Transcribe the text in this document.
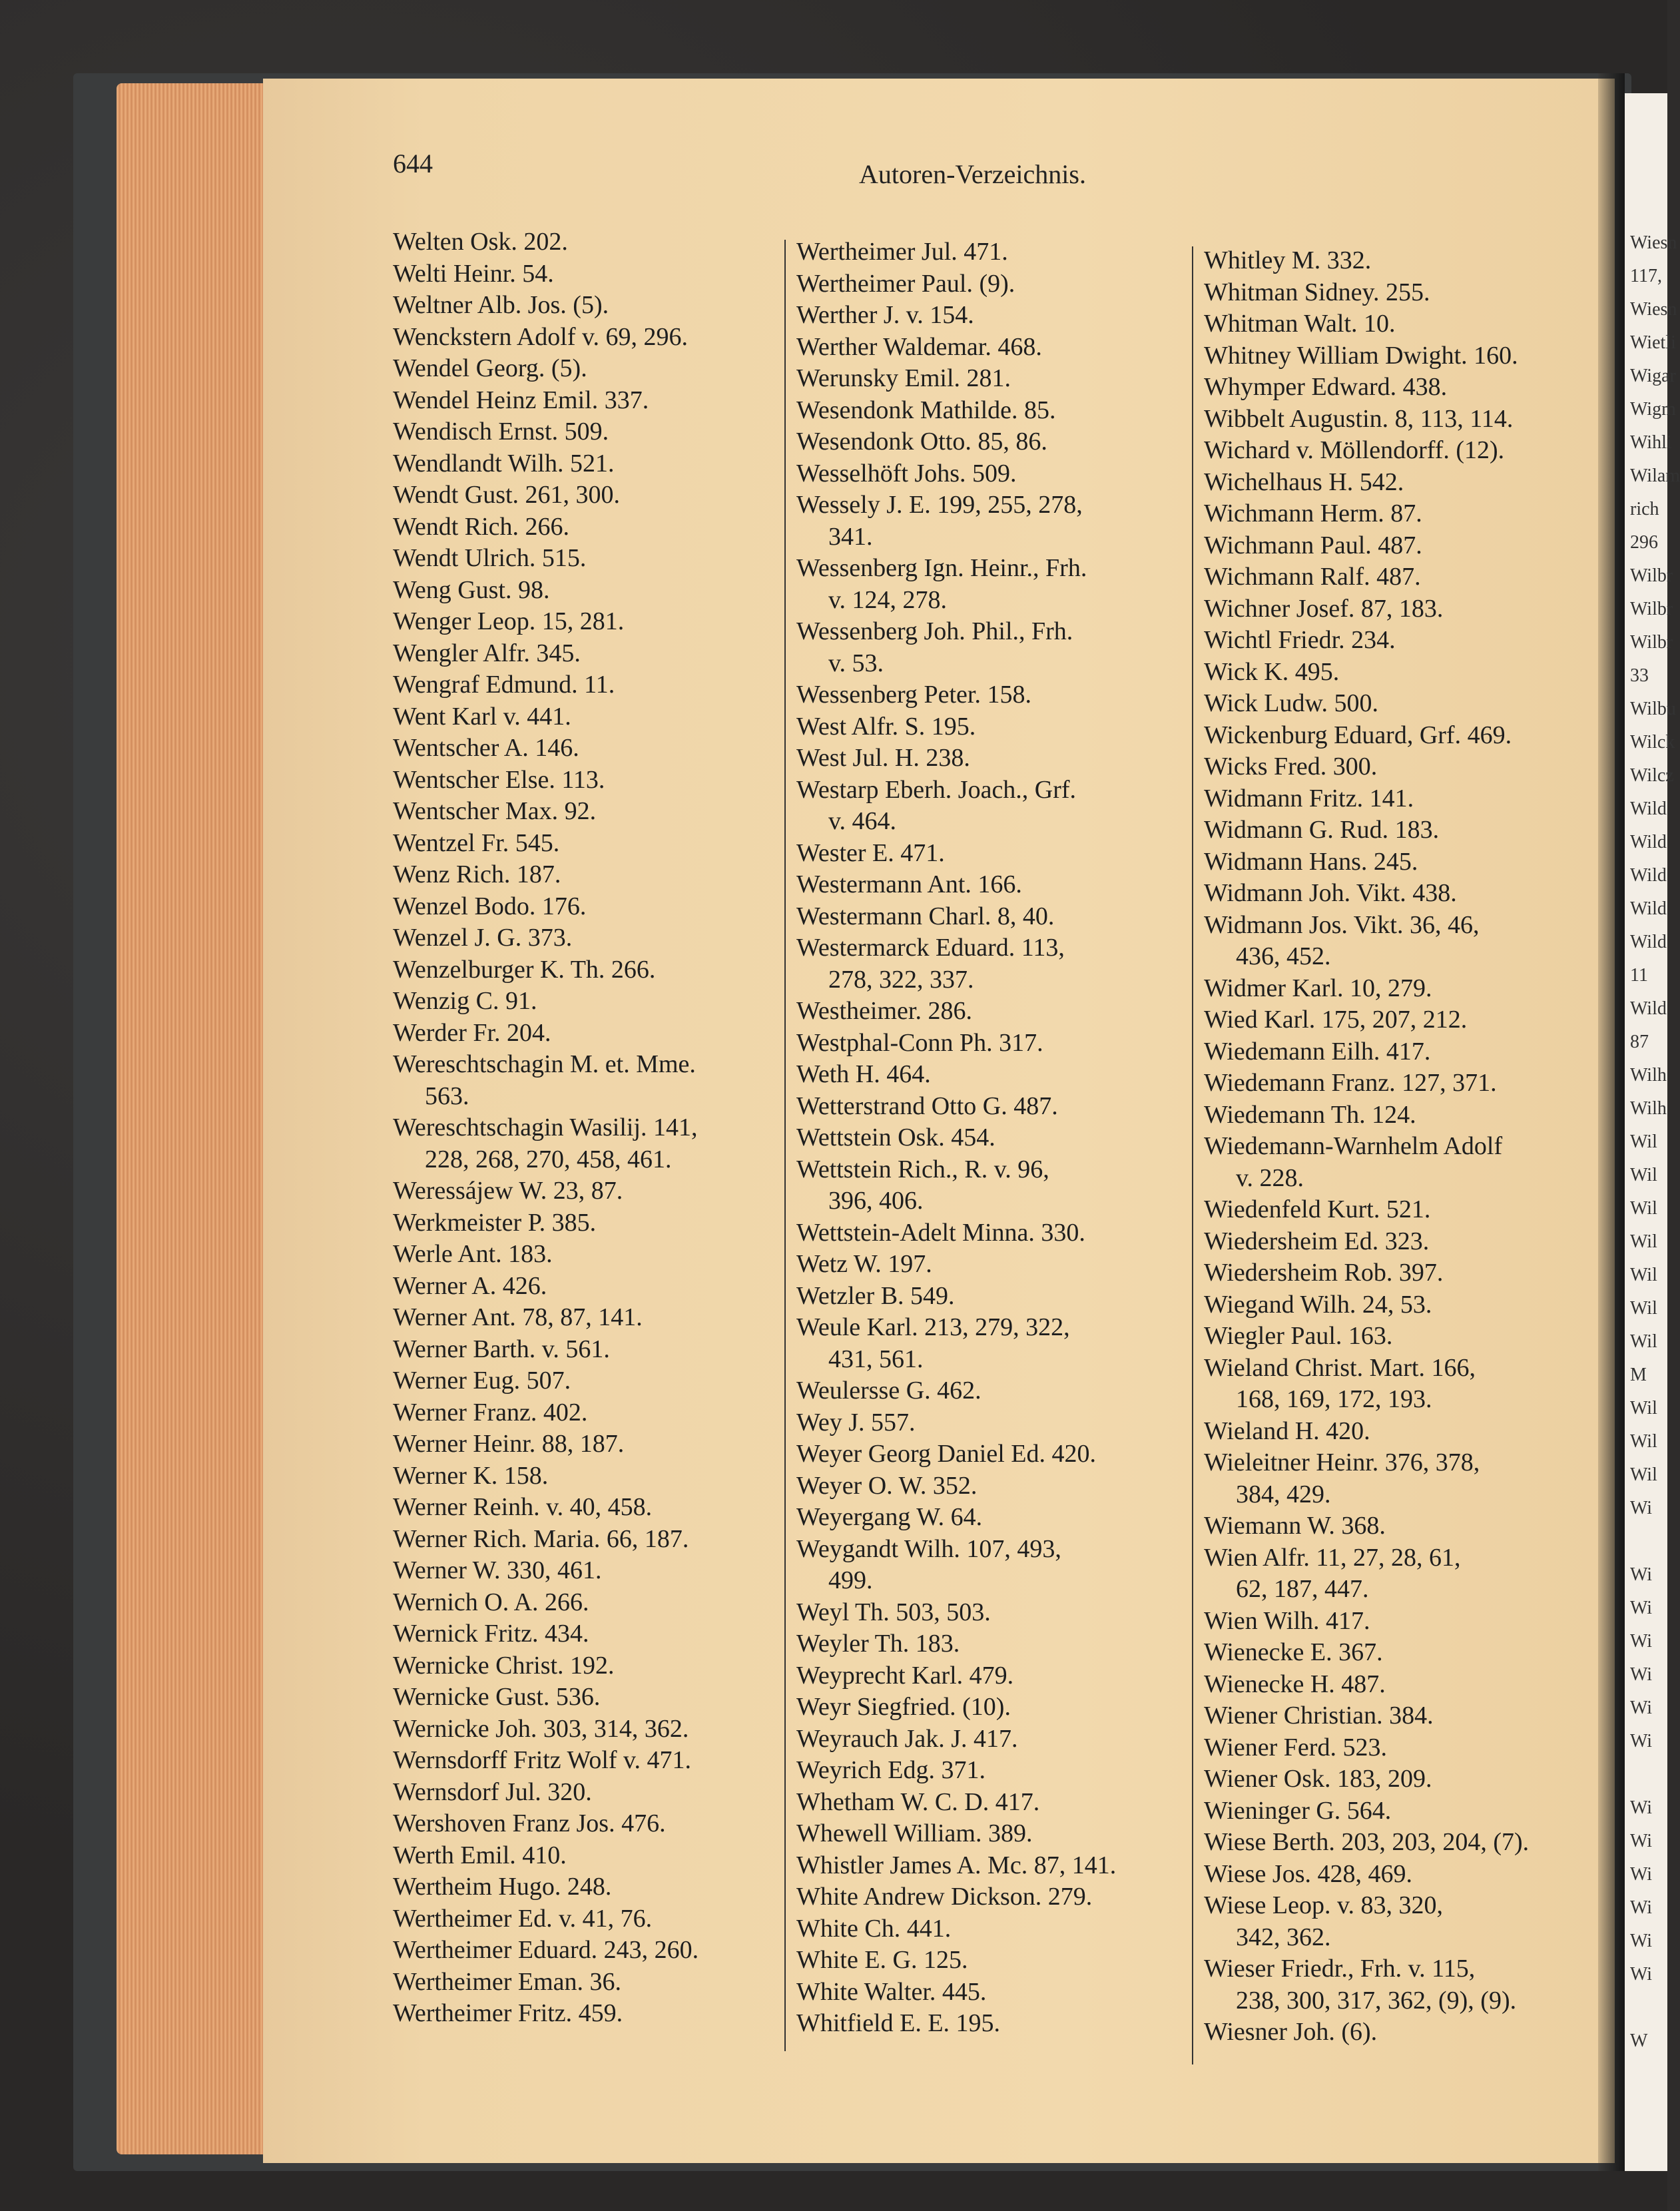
Wiesn
117,
Wiesn
Wietli
Wigar
Wigm
Wihli
Wilam
rich
296
Wilbr
Wilbr
Wilbr
33
Wilbu
Wilck
Wilcz
Wild
Wild
Wild
Wild
Wild
11
Wild
87
Wilh
Wilh
Wil
Wil
Wil
Wil
Wil
Wil
Wil
M
Wil
Wil
Wil
Wi
Wi
Wi
Wi
Wi
Wi
Wi
Wi
Wi
Wi
Wi
Wi
Wi
W
644	Autoren-Verzeichnis.
Welten Osk. 202.
Welti Heinr. 54.
Weltner Alb. Jos. (5).
Wenckstern Adolf v. 69, 296.
Wendel Georg. (5).
Wendel Heinz Emil. 337.
Wendisch Ernst. 509.
Wendlandt Wilh. 521.
Wendt Gust. 261, 300.
Wendt Rich. 266.
Wendt Ulrich. 515.
Weng Gust. 98.
Wenger Leop. 15, 281.
Wengler Alfr. 345.
Wengraf Edmund. 11.
Went Karl v. 441.
Wentscher A. 146.
Wentscher Else. 113.
Wentscher Max. 92.
Wentzel Fr. 545.
Wenz Rich. 187.
Wenzel Bodo. 176.
Wenzel J. G. 373.
Wenzelburger K. Th. 266.
Wenzig C. 91.
Werder Fr. 204.
Wereschtschagin M. et. Mme.
563.
Wereschtschagin Wasilij. 141,
228, 268, 270, 458, 461.
Weressájew W. 23, 87.
Werkmeister P. 385.
Werle Ant. 183.
Werner A. 426.
Werner Ant. 78, 87, 141.
Werner Barth. v. 561.
Werner Eug. 507.
Werner Franz. 402.
Werner Heinr. 88, 187.
Werner K. 158.
Werner Reinh. v. 40, 458.
Werner Rich. Maria. 66, 187.
Werner W. 330, 461.
Wernich O. A. 266.
Wernick Fritz. 434.
Wernicke Christ. 192.
Wernicke Gust. 536.
Wernicke Joh. 303, 314, 362.
Wernsdorff Fritz Wolf v. 471.
Wernsdorf Jul. 320.
Wershoven Franz Jos. 476.
Werth Emil. 410.
Wertheim Hugo. 248.
Wertheimer Ed. v. 41, 76.
Wertheimer Eduard. 243, 260.
Wertheimer Eman. 36.
Wertheimer Fritz. 459.
Wertheimer Jul. 471.
Wertheimer Paul. (9).
Werther J. v. 154.
Werther Waldemar. 468.
Werunsky Emil. 281.
Wesendonk Mathilde. 85.
Wesendonk Otto. 85, 86.
Wesselhöft Johs. 509.
Wessely J. E. 199, 255, 278,
341.
Wessenberg Ign. Heinr., Frh.
v. 124, 278.
Wessenberg Joh. Phil., Frh.
v. 53.
Wessenberg Peter. 158.
West Alfr. S. 195.
West Jul. H. 238.
Westarp Eberh. Joach., Grf.
v. 464.
Wester E. 471.
Westermann Ant. 166.
Westermann Charl. 8, 40.
Westermarck Eduard. 113,
278, 322, 337.
Westheimer. 286.
Westphal-Conn Ph. 317.
Weth H. 464.
Wetterstrand Otto G. 487.
Wettstein Osk. 454.
Wettstein Rich., R. v. 96,
396, 406.
Wettstein-Adelt Minna. 330.
Wetz W. 197.
Wetzler B. 549.
Weule Karl. 213, 279, 322,
431, 561.
Weulersse G. 462.
Wey J. 557.
Weyer Georg Daniel Ed. 420.
Weyer O. W. 352.
Weyergang W. 64.
Weygandt Wilh. 107, 493,
499.
Weyl Th. 503, 503.
Weyler Th. 183.
Weyprecht Karl. 479.
Weyr Siegfried. (10).
Weyrauch Jak. J. 417.
Weyrich Edg. 371.
Whetham W. C. D. 417.
Whewell William. 389.
Whistler James A. Mc. 87, 141.
White Andrew Dickson. 279.
White Ch. 441.
White E. G. 125.
White Walter. 445.
Whitfield E. E. 195.
Whitley M. 332.
Whitman Sidney. 255.
Whitman Walt. 10.
Whitney William Dwight. 160.
Whymper Edward. 438.
Wibbelt Augustin. 8, 113, 114.
Wichard v. Möllendorff. (12).
Wichelhaus H. 542.
Wichmann Herm. 87.
Wichmann Paul. 487.
Wichmann Ralf. 487.
Wichner Josef. 87, 183.
Wichtl Friedr. 234.
Wick K. 495.
Wick Ludw. 500.
Wickenburg Eduard, Grf. 469.
Wicks Fred. 300.
Widmann Fritz. 141.
Widmann G. Rud. 183.
Widmann Hans. 245.
Widmann Joh. Vikt. 438.
Widmann Jos. Vikt. 36, 46,
436, 452.
Widmer Karl. 10, 279.
Wied Karl. 175, 207, 212.
Wiedemann Eilh. 417.
Wiedemann Franz. 127, 371.
Wiedemann Th. 124.
Wiedemann-Warnhelm Adolf
v. 228.
Wiedenfeld Kurt. 521.
Wiedersheim Ed. 323.
Wiedersheim Rob. 397.
Wiegand Wilh. 24, 53.
Wiegler Paul. 163.
Wieland Christ. Mart. 166,
168, 169, 172, 193.
Wieland H. 420.
Wieleitner Heinr. 376, 378,
384, 429.
Wiemann W. 368.
Wien Alfr. 11, 27, 28, 61,
62, 187, 447.
Wien Wilh. 417.
Wienecke E. 367.
Wienecke H. 487.
Wiener Christian. 384.
Wiener Ferd. 523.
Wiener Osk. 183, 209.
Wieninger G. 564.
Wiese Berth. 203, 203, 204, (7).
Wiese Jos. 428, 469.
Wiese Leop. v. 83, 320,
342, 362.
Wieser Friedr., Frh. v. 115,
238, 300, 317, 362, (9), (9).
Wiesner Joh. (6).
